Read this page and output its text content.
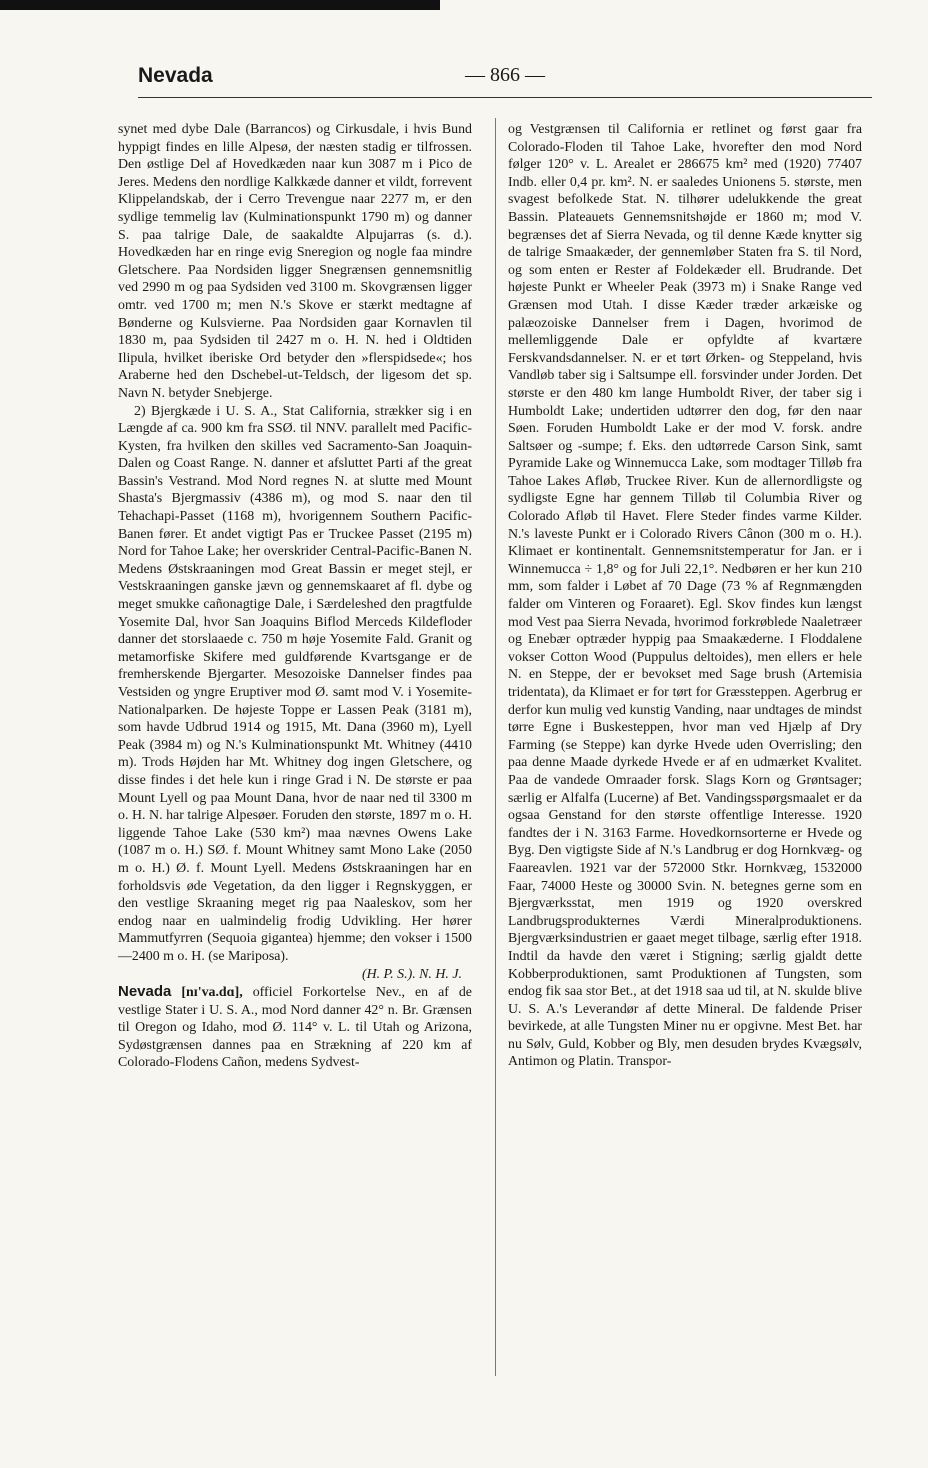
Nevada	— 866 —

synet med dybe Dale (Barrancos) og Cirkusdale, i hvis Bund hyppigt findes en lille Alpesø, der næsten stadig er tilfrossen. Den østlige Del af Hovedkæden naar kun 3087 m i Pico de Jeres. Medens den nordlige Kalkkæde danner et vildt, forrevent Klippelandskab, der i Cerro Trevengue naar 2277 m, er den sydlige temmelig lav (Kulminationspunkt 1790 m) og danner S. paa talrige Dale, de saakaldte Alpujarras (s. d.). Hovedkæden har en ringe evig Sneregion og nogle faa mindre Gletschere. Paa Nordsiden ligger Snegrænsen gennemsnitlig ved 2990 m og paa Sydsiden ved 3100 m. Skovgrænsen ligger omtr. ved 1700 m; men N.'s Skove er stærkt medtagne af Bønderne og Kulsvierne. Paa Nordsiden gaar Kornavlen til 1830 m, paa Sydsiden til 2427 m o. H. N. hed i Oldtiden Ilipula, hvilket iberiske Ord betyder den »flerspidsede«; hos Araberne hed den Dschebel-ut-Teldsch, der ligesom det sp. Navn N. betyder Snebjerge.

2) Bjergkæde i U. S. A., Stat California, strækker sig i en Længde af ca. 900 km fra SSØ. til NNV. parallelt med Pacific-Kysten, fra hvilken den skilles ved Sacramento-San Joaquin-Dalen og Coast Range. N. danner et afsluttet Parti af the great Bassin's Vestrand. Mod Nord regnes N. at slutte med Mount Shasta's Bjergmassiv (4386 m), og mod S. naar den til Tehachapi-Passet (1168 m), hvorigennem Southern Pacific-Banen fører. Et andet vigtigt Pas er Truckee Passet (2195 m) Nord for Tahoe Lake; her overskrider Central-Pacific-Banen N. Medens Østskraaningen mod Great Bassin er meget stejl, er Vestskraaningen ganske jævn og gennemskaaret af fl. dybe og meget smukke cañonagtige Dale, i Særdeleshed den pragtfulde Yosemite Dal, hvor San Joaquins Biflod Merceds Kildefloder danner det storslaaede c. 750 m høje Yosemite Fald. Granit og metamorfiske Skifere med guldførende Kvartsgange er de fremherskende Bjergarter. Mesozoiske Dannelser findes paa Vestsiden og yngre Eruptiver mod Ø. samt mod V. i Yosemite-Nationalparken. De højeste Toppe er Lassen Peak (3181 m), som havde Udbrud 1914 og 1915, Mt. Dana (3960 m), Lyell Peak (3984 m) og N.'s Kulminationspunkt Mt. Whitney (4410 m). Trods Højden har Mt. Whitney dog ingen Gletschere, og disse findes i det hele kun i ringe Grad i N. De største er paa Mount Lyell og paa Mount Dana, hvor de naar ned til 3300 m o. H. N. har talrige Alpesøer. Foruden den største, 1897 m o. H. liggende Tahoe Lake (530 km²) maa nævnes Owens Lake (1087 m o. H.) SØ. f. Mount Whitney samt Mono Lake (2050 m o. H.) Ø. f. Mount Lyell. Medens Østskraaningen har en forholdsvis øde Vegetation, da den ligger i Regnskyggen, er den vestlige Skraaning meget rig paa Naaleskov, som her endog naar en ualmindelig frodig Udvikling. Her hører Mammutfyrren (Sequoia gigantea) hjemme; den vokser i 1500—2400 m o. H. (se Mariposa).

(H. P. S.). N. H. J.

Nevada [nɪ'va.dɑ], officiel Forkortelse Nev., en af de vestlige Stater i U. S. A., mod Nord danner 42° n. Br. Grænsen til Oregon og Idaho, mod Ø. 114° v. L. til Utah og Arizona, Sydøstgrænsen dannes paa en Strækning af 220 km af Colorado-Flodens Cañon, medens Sydvest-

og Vestgrænsen til California er retlinet og først gaar fra Colorado-Floden til Tahoe Lake, hvorefter den mod Nord følger 120° v. L. Arealet er 286675 km² med (1920) 77407 Indb. eller 0,4 pr. km². N. er saaledes Unionens 5. største, men svagest befolkede Stat. N. tilhører udelukkende the great Bassin. Plateauets Gennemsnitshøjde er 1860 m; mod V. begrænses det af Sierra Nevada, og til denne Kæde knytter sig de talrige Smaakæder, der gennemløber Staten fra S. til Nord, og som enten er Rester af Foldekæder ell. Brudrande. Det højeste Punkt er Wheeler Peak (3973 m) i Snake Range ved Grænsen mod Utah. I disse Kæder træder arkæiske og palæozoiske Dannelser frem i Dagen, hvorimod de mellemliggende Dale er opfyldte af kvartære Ferskvandsdannelser. N. er et tørt Ørken- og Steppeland, hvis Vandløb taber sig i Saltsumpe ell. forsvinder under Jorden. Det største er den 480 km lange Humboldt River, der taber sig i Humboldt Lake; undertiden udtørrer den dog, før den naar Søen. Foruden Humboldt Lake er der mod V. forsk. andre Saltsøer og -sumpe; f. Eks. den udtørrede Carson Sink, samt Pyramide Lake og Winnemucca Lake, som modtager Tilløb fra Tahoe Lakes Afløb, Truckee River. Kun de allernordligste og sydligste Egne har gennem Tilløb til Columbia River og Colorado Afløb til Havet. Flere Steder findes varme Kilder. N.'s laveste Punkt er i Colorado Rivers Cânon (300 m o. H.). Klimaet er kontinentalt. Gennemsnitstemperatur for Jan. er i Winnemucca ÷ 1,8° og for Juli 22,1°. Nedbøren er her kun 210 mm, som falder i Løbet af 70 Dage (73 % af Regnmængden falder om Vinteren og Foraaret). Egl. Skov findes kun længst mod Vest paa Sierra Nevada, hvorimod forkrøblede Naaletræer og Enebær optræder hyppig paa Smaakæderne. I Floddalene vokser Cotton Wood (Puppulus deltoides), men ellers er hele N. en Steppe, der er bevokset med Sage brush (Artemisia tridentata), da Klimaet er for tørt for Græssteppen. Agerbrug er derfor kun mulig ved kunstig Vanding, naar undtages de mindst tørre Egne i Buskesteppen, hvor man ved Hjælp af Dry Farming (se Steppe) kan dyrke Hvede uden Overrisling; den paa denne Maade dyrkede Hvede er af en udmærket Kvalitet. Paa de vandede Omraader forsk. Slags Korn og Grøntsager; særlig er Alfalfa (Lucerne) af Bet. Vandingsspørgsmaalet er da ogsaa Genstand for den største offentlige Interesse. 1920 fandtes der i N. 3163 Farme. Hovedkornsorterne er Hvede og Byg. Den vigtigste Side af N.'s Landbrug er dog Hornkvæg- og Faareavlen. 1921 var der 572000 Stkr. Hornkvæg, 1532000 Faar, 74000 Heste og 30000 Svin. N. betegnes gerne som en Bjergværksstat, men 1919 og 1920 overskred Landbrugsprodukternes Værdi Mineralproduktionens. Bjergværksindustrien er gaaet meget tilbage, særlig efter 1918. Indtil da havde den været i Stigning; særlig gjaldt dette Kobberproduktionen, samt Produktionen af Tungsten, som endog fik saa stor Bet., at det 1918 saa ud til, at N. skulde blive U. S. A.'s Leverandør af dette Mineral. De faldende Priser bevirkede, at alle Tungsten Miner nu er opgivne. Mest Bet. har nu Sølv, Guld, Kobber og Bly, men desuden brydes Kvægsølv, Antimon og Platin. Transpor-
